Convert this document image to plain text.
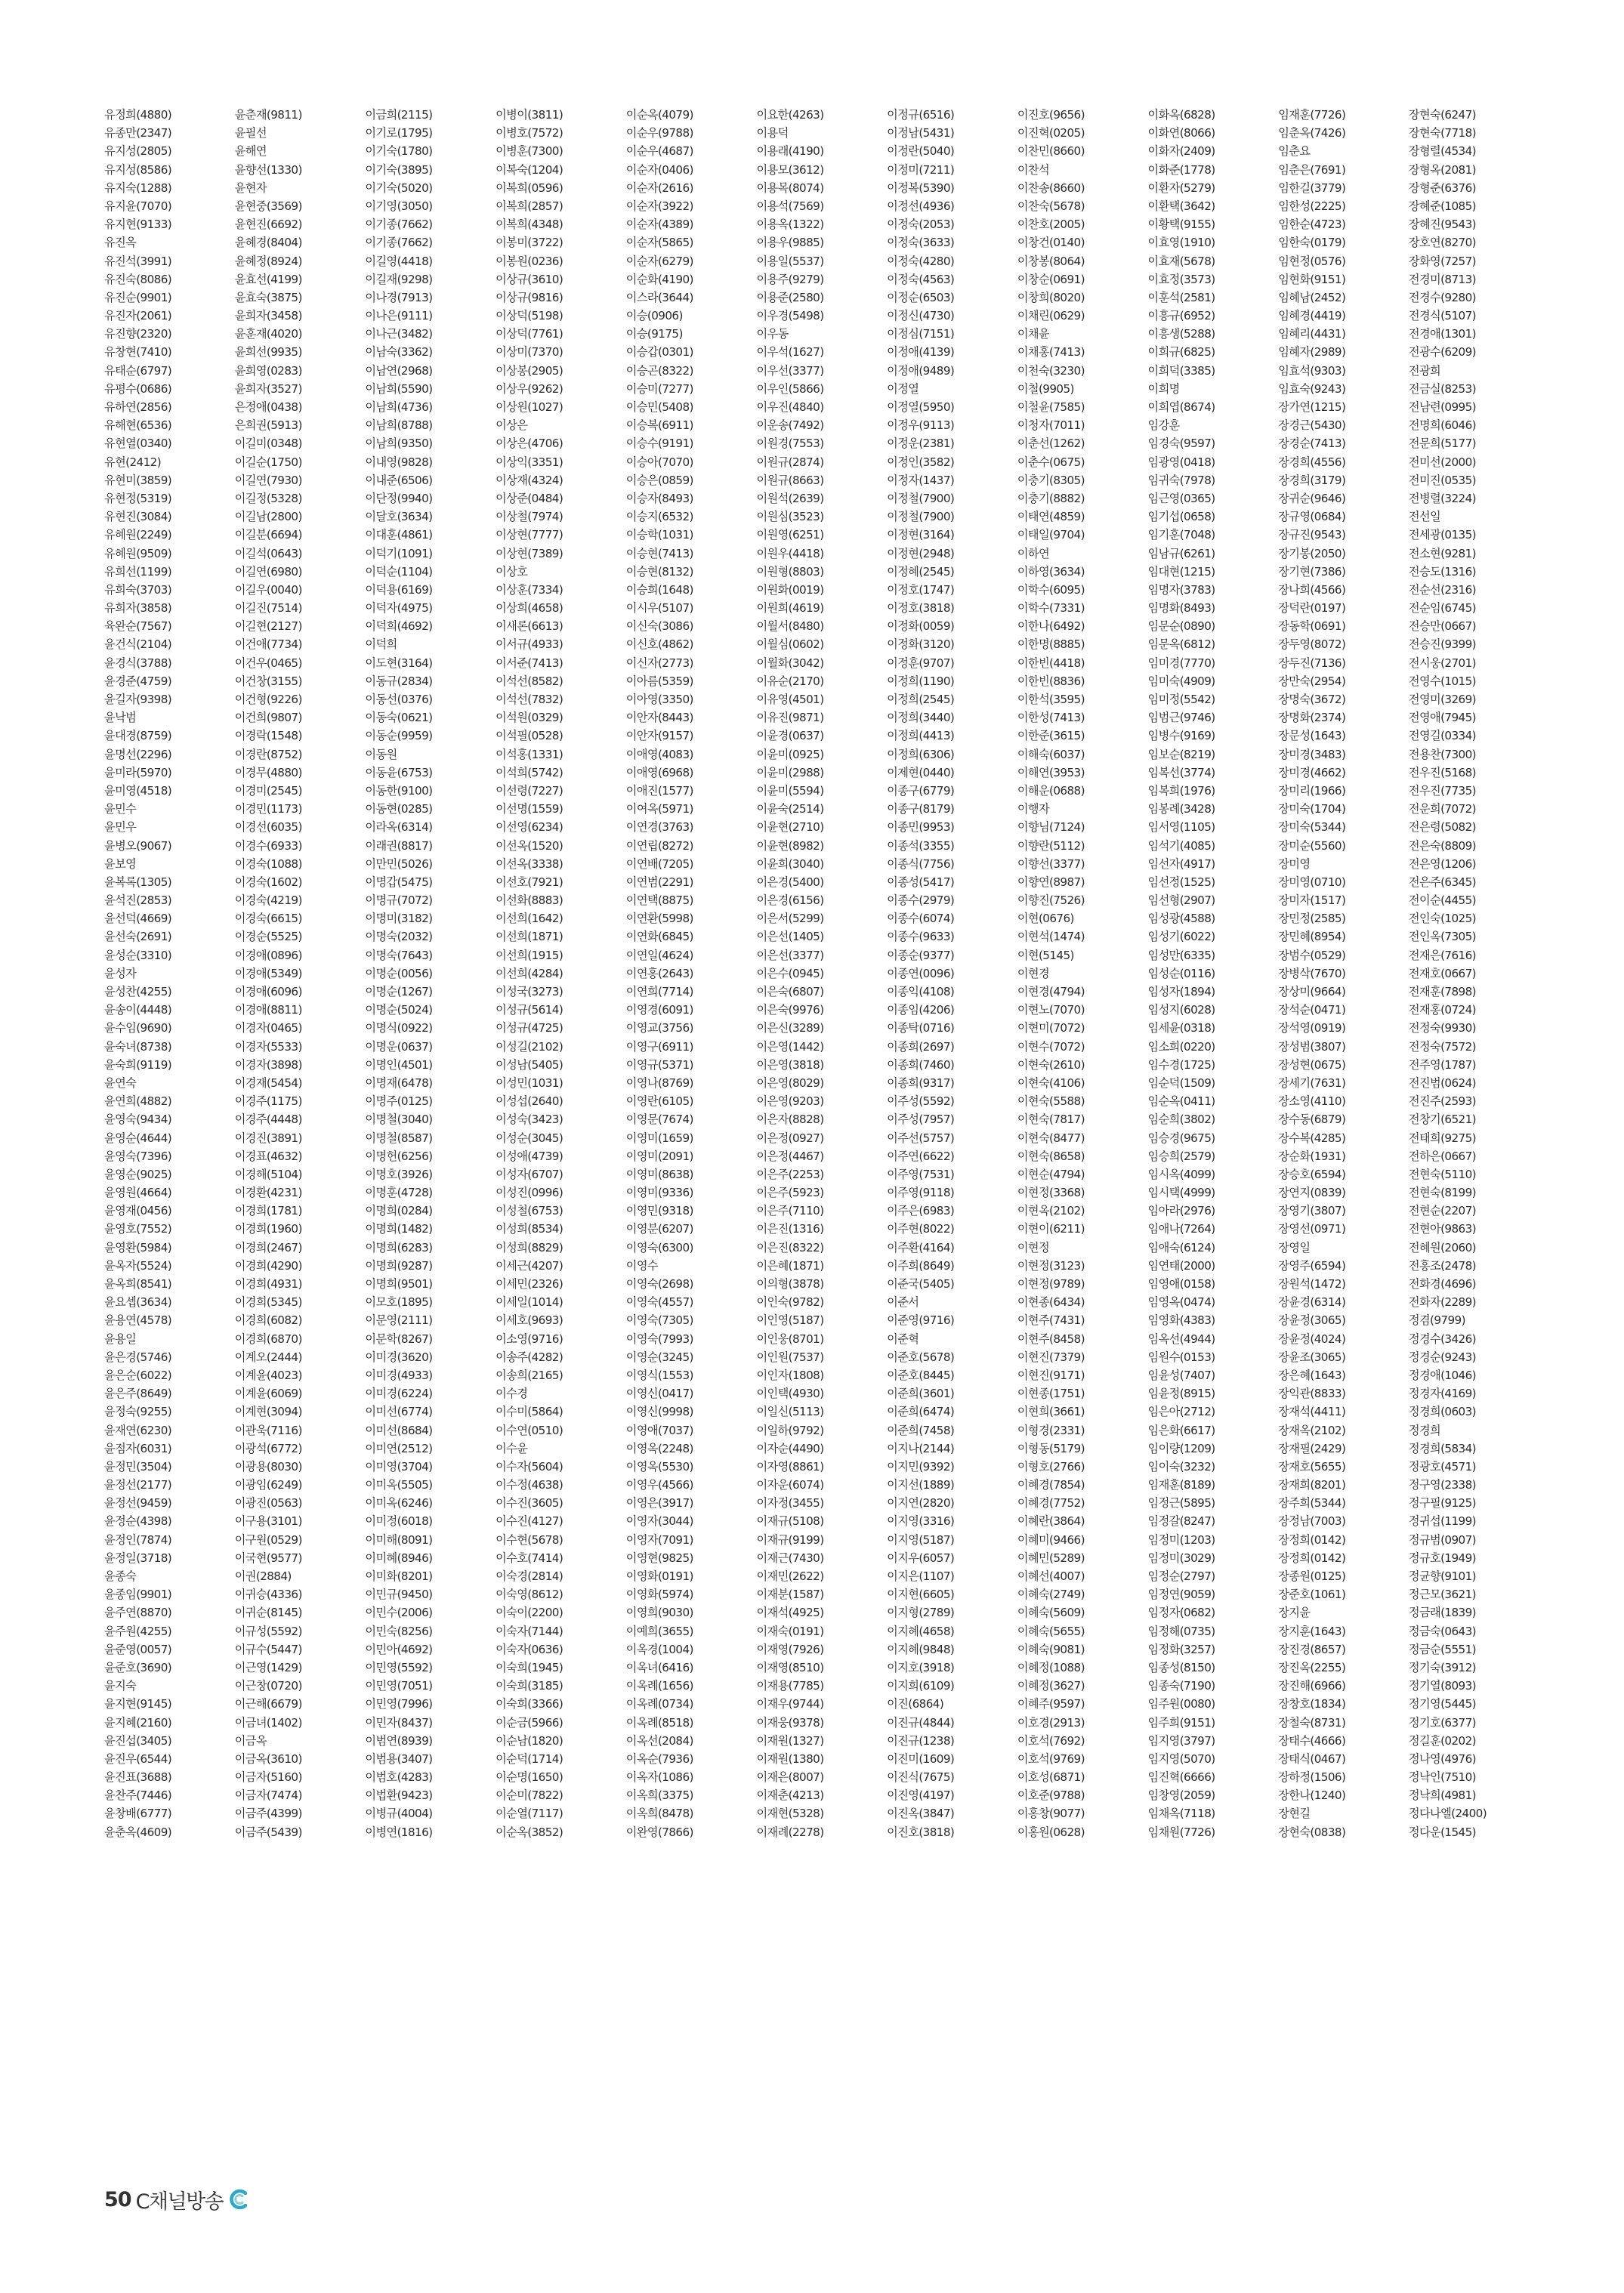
유정희(4880)	윤춘재(9811)	이금희(2115)	이병이(3811)	이순옥(4079)	이요한(4263)	이정규(6516)	이진호(9656)	이화옥(6828)	임재훈(7726)	장현숙(6247)
유종만(2347)	윤필선	이기로(1795)	이병호(7572)	이순우(9788)	이용덕	이정남(5431)	이진혁(0205)	이화연(8066)	임춘옥(7426)	장현숙(7718)
유지성(2805)	윤해연	이기숙(1780)	이병훈(7300)	이순우(4687)	이용래(4190)	이정란(5040)	이찬민(8660)	이화자(2409)	임춘요	장형렬(4534)
유지성(8586)	윤향선(1330)	이기숙(3895)	이복숙(1204)	이순자(0406)	이용모(3612)	이정미(7211)	이찬석	이화준(1778)	임춘은(7691)	장형옥(2081)
유지숙(1288)	윤현자	이기숙(5020)	이복희(0596)	이순자(2616)	이용목(8074)	이정복(5390)	이찬송(8660)	이환자(5279)	임한길(3779)	장형준(6376)
유지윤(7070)	윤현중(3569)	이기영(3050)	이복희(2857)	이순자(3922)	이용석(7569)	이정선(4936)	이찬숙(5678)	이환택(3642)	임한성(2225)	장혜준(1085)
유지현(9133)	윤현진(6692)	이기종(7662)	이복희(4348)	이순자(4389)	이용옥(1322)	이정숙(2053)	이찬호(2005)	이황택(9155)	임한순(4723)	장혜진(9543)
유진옥	윤혜경(8404)	이기종(7662)	이봉미(3722)	이순자(5865)	이용우(9885)	이정숙(3633)	이창건(0140)	이효영(1910)	임한숙(0179)	장호연(8270)
유진석(3991)	윤혜정(8924)	이길영(4418)	이봉원(0236)	이순자(6279)	이용일(5537)	이정숙(4280)	이창봉(8064)	이효재(5678)	임현정(0576)	장화영(7257)
유진숙(8086)	윤효선(4199)	이길재(9298)	이상규(3610)	이순화(4190)	이용주(9279)	이정숙(4563)	이창순(0691)	이효정(3573)	임현화(9151)	전경미(8713)
유진순(9901)	윤효숙(3875)	이나경(7913)	이상규(9816)	이스라(3644)	이용준(2580)	이정순(6503)	이창희(8020)	이훈석(2581)	임혜남(2452)	전경수(9280)
유진자(2061)	윤희자(3458)	이나은(9111)	이상덕(5198)	이승(0906)	이우경(5498)	이정신(4730)	이채린(0629)	이흥규(6952)	임혜경(4419)	전경식(5107)
유진향(2320)	윤훈재(4020)	이나근(3482)	이상덕(7761)	이승(9175)	이우동	이정심(7151)	이채윤	이흥생(5288)	임혜리(4431)	전경애(1301)
유창현(7410)	윤희선(9935)	이남숙(3362)	이상미(7370)	이승갑(0301)	이우석(1627)	이정애(4139)	이채홍(7413)	이희규(6825)	임혜자(2989)	전광수(6209)
유태순(6797)	윤희영(0283)	이남연(2968)	이상봉(2905)	이승곤(8322)	이우선(3377)	이정애(9489)	이천숙(3230)	이희덕(3385)	임효석(9303)	전광희
유평수(0686)	윤희자(3527)	이남희(5590)	이상우(9262)	이승미(7277)	이우인(5866)	이정열	이철(9905)	이희명	임효숙(9243)	전금실(8253)
유하연(2856)	은정애(0438)	이남희(4736)	이상원(1027)	이승민(5408)	이우진(4840)	이정열(5950)	이철윤(7585)	이희엽(8674)	장가연(1215)	전남련(0995)
유해현(6536)	은희권(5913)	이남희(8788)	이상은	이승복(6911)	이운송(7492)	이정우(9113)	이청자(7011)	임강훈	장경근(5430)	전명희(6046)
유현열(0340)	이길미(0348)	이남희(9350)	이상은(4706)	이승수(9191)	이원경(7553)	이정운(2381)	이춘선(1262)	임경숙(9597)	장경순(7413)	전문희(5177)
유현(2412)	이길순(1750)	이내영(9828)	이상익(3351)	이승아(7070)	이원규(2874)	이정인(3582)	이춘수(0675)	임광영(0418)	장경희(4556)	전미선(2000)
유현미(3859)	이길연(7930)	이내준(6506)	이상재(4324)	이승은(0859)	이원규(8663)	이정자(1437)	이충기(8305)	임귀숙(7978)	장경희(3179)	전미진(0535)
유현정(5319)	이길정(5328)	이단정(9940)	이상준(0484)	이승자(8493)	이원석(2639)	이정철(7900)	이충기(8882)	임근영(0365)	장귀순(9646)	전병렬(3224)
유현진(3084)	이길남(2800)	이달호(3634)	이상철(7974)	이승지(6532)	이원심(3523)	이정철(7900)	이태연(4859)	임기섭(0658)	장규영(0684)	전선일
유혜원(2249)	이길분(6694)	이대훈(4861)	이상현(7777)	이승학(1031)	이원영(6251)	이정현(3164)	이태일(9704)	임기훈(7048)	장규진(9543)	전세광(0135)
유혜원(9509)	이길석(0643)	이덕기(1091)	이상현(7389)	이승현(7413)	이원우(4418)	이정현(2948)	이하연	임남규(6261)	장기봉(2050)	전소현(9281)
유희선(1199)	이길연(6980)	이덕순(1104)	이상호	이승현(8132)	이원형(8803)	이정혜(2545)	이하영(3634)	임대현(1215)	장기현(7386)	전승도(1316)
유희숙(3703)	이길우(0040)	이덕용(6169)	이상훈(7334)	이승희(1648)	이원화(0019)	이정호(1747)	이학수(6095)	임명자(3783)	장나희(4566)	전순선(2316)
유희자(3858)	이길진(7514)	이덕자(4975)	이상희(4658)	이시우(5107)	이원희(4619)	이정호(3818)	이학수(7331)	임명화(8493)	장덕란(0197)	전순임(6745)
육완순(7567)	이길현(2127)	이덕희(4692)	이새론(6613)	이신숙(3086)	이월서(8480)	이정화(0059)	이한나(6492)	임문순(0890)	장동학(0691)	전승만(0667)
윤건식(2104)	이건애(7734)	이덕희	이서규(4933)	이신호(4862)	이월심(0602)	이정화(3120)	이한명(8885)	임문옥(6812)	장두영(8072)	전승진(9399)
윤경식(3788)	이건우(0465)	이도현(3164)	이서준(7413)	이신자(2773)	이월화(3042)	이정훈(9707)	이한빈(4418)	임미경(7770)	장두진(7136)	전시웅(2701)
윤경준(4759)	이건창(3155)	이동규(2834)	이석선(8582)	이아름(5359)	이유순(2170)	이정희(1190)	이한빈(8836)	임미숙(4909)	장만숙(2954)	전영수(1015)
윤길자(9398)	이건형(9226)	이동선(0376)	이석선(7832)	이아영(3350)	이유영(4501)	이정희(2545)	이한석(3595)	임미정(5542)	장명숙(3672)	전영미(3269)
윤낙범	이건희(9807)	이동숙(0621)	이석원(0329)	이안자(8443)	이유진(9871)	이정희(3440)	이한성(7413)	임범근(9746)	장명화(2374)	전영애(7945)
윤대경(8759)	이경락(1548)	이동순(9959)	이석필(0528)	이안자(9157)	이윤경(0637)	이정희(4413)	이한준(3615)	임병수(9169)	장문성(1643)	전영길(0334)
윤명선(2296)	이경란(8752)	이동원	이석홍(1331)	이애영(4083)	이윤미(0925)	이정희(6306)	이해숙(6037)	임보순(8219)	장미경(3483)	전용찬(7300)
윤미라(5970)	이경무(4880)	이동윤(6753)	이석희(5742)	이애영(6968)	이윤미(2988)	이제현(0440)	이해연(3953)	임복선(3774)	장미경(4662)	전우진(5168)
윤미영(4518)	이경미(2545)	이동한(9100)	이선령(7227)	이애진(1577)	이윤미(5594)	이종구(6779)	이해운(0688)	임복희(1976)	장미리(1966)	전우진(7735)
윤민수	이경민(1173)	이동현(0285)	이선명(1559)	이여옥(5971)	이윤숙(2514)	이종구(8179)	이행자	임봉례(3428)	장미숙(1704)	전운희(7072)
윤민우	이경선(6035)	이라옥(6314)	이선영(6234)	이연경(3763)	이윤현(2710)	이종민(9953)	이향님(7124)	임서영(1105)	장미숙(5344)	전은령(5082)
윤병오(9067)	이경수(6933)	이래권(8817)	이선옥(1520)	이연립(8272)	이윤현(8982)	이종석(3355)	이향란(5112)	임석기(4085)	장미순(5560)	전은숙(8809)
윤보영	이경숙(1088)	이만민(5026)	이선옥(3338)	이연배(7205)	이윤희(3040)	이종식(7756)	이향선(3377)	임선자(4917)	장미영	전은영(1206)
윤복록(1305)	이경숙(1602)	이명갑(5475)	이선호(7921)	이연범(2291)	이은경(5400)	이종성(5417)	이향연(8987)	임선정(1525)	장미영(0710)	전은주(6345)
윤석진(2853)	이경숙(4219)	이명규(7072)	이선화(8883)	이연택(8875)	이은경(6156)	이종수(2979)	이향진(7526)	임선형(2907)	장미자(1517)	전이순(4455)
윤선덕(4669)	이경숙(6615)	이명미(3182)	이선희(1642)	이연환(5998)	이은서(5299)	이종수(6074)	이현(0676)	임성광(4588)	장민정(2585)	전인숙(1025)
윤선숙(2691)	이경순(5525)	이명숙(2032)	이선희(1871)	이연화(6845)	이은선(1405)	이종수(9633)	이현석(1474)	임성기(6022)	장민혜(8954)	전인옥(7305)
윤성순(3310)	이경애(0896)	이명숙(7643)	이선희(1915)	이연일(4624)	이은선(3377)	이종순(9377)	이현(5145)	임성만(6335)	장범수(0529)	전재은(7616)
윤성자	이경애(5349)	이명순(0056)	이선희(4284)	이연홍(2643)	이은수(0945)	이종연(0096)	이현경	임성순(0116)	장병삭(7670)	전재호(0667)
윤성찬(4255)	이경애(6096)	이명순(1267)	이성국(3273)	이연희(7714)	이은숙(6807)	이종익(4108)	이현경(4794)	임성자(1894)	장상미(9664)	전재훈(7898)
윤송이(4448)	이경애(8811)	이명순(5024)	이성규(5614)	이영경(6091)	이은숙(9976)	이종임(4206)	이현노(7070)	임성지(6028)	장석순(0471)	전재홍(0724)
윤수임(9690)	이경자(0465)	이명식(0922)	이성규(4725)	이영교(3756)	이은신(3289)	이종탁(0716)	이현미(7072)	임세윤(0318)	장석영(0919)	전정숙(9930)
윤숙녀(8738)	이경자(5533)	이명운(0637)	이성길(2102)	이영구(6911)	이은영(1442)	이종희(2697)	이현수(7072)	임소희(0220)	장성범(3807)	전정숙(7572)
윤숙희(9119)	이경자(3898)	이명인(4501)	이성남(5405)	이영규(5371)	이은영(3818)	이종희(7460)	이현숙(2610)	임수경(1725)	장성현(0675)	전주영(1787)
윤연숙	이경재(5454)	이명재(6478)	이성민(1031)	이영나(8769)	이은영(8029)	이종희(9317)	이현숙(4106)	임순덕(1509)	장세기(7631)	전진범(0624)
윤연희(4882)	이경주(1175)	이명주(0125)	이성섭(2640)	이영란(6105)	이은영(9203)	이주성(5592)	이현숙(5588)	임순옥(0411)	장소영(4110)	전진주(2593)
윤영숙(9434)	이경주(4448)	이명철(3040)	이성숙(3423)	이영문(7674)	이은자(8828)	이주성(7957)	이현숙(7817)	임순희(3802)	장수동(6879)	전창기(6521)
윤영순(4644)	이경진(3891)	이명철(8587)	이성순(3045)	이영미(1659)	이은정(0927)	이주선(5757)	이현숙(8477)	임승경(9675)	장수복(4285)	전태희(9275)
윤영숙(7396)	이경표(4632)	이명헌(6256)	이성애(4739)	이영미(2091)	이은정(4467)	이주연(6622)	이현숙(8658)	임승희(2579)	장순화(1931)	전하은(0667)
윤영순(9025)	이경해(5104)	이명호(3926)	이성자(6707)	이영미(8638)	이은주(2253)	이주영(7531)	이현순(4794)	임시옥(4099)	장승호(6594)	전현숙(5110)
윤영원(4664)	이경환(4231)	이명훈(4728)	이성진(0996)	이영미(9336)	이은주(5923)	이주영(9118)	이현정(3368)	임시택(4999)	장연지(0839)	전현숙(8199)
윤영재(0456)	이경희(1781)	이명희(0284)	이성철(6753)	이영민(9318)	이은주(7110)	이주은(6983)	이현옥(2102)	임아라(2976)	장영기(3807)	전현순(2207)
윤영호(7552)	이경희(1960)	이명희(1482)	이성희(8534)	이영분(6207)	이은진(1316)	이주현(8022)	이현이(6211)	임애나(7264)	장영선(0971)	전현아(9863)
윤영환(5984)	이경희(2467)	이명희(6283)	이성희(8829)	이영숙(6300)	이은진(8322)	이주환(4164)	이현정	임애숙(6124)	장영일	전혜원(2060)
윤옥자(5524)	이경희(4290)	이명희(9287)	이세근(4207)	이영수	이은혜(1871)	이주희(8649)	이현정(3123)	임연태(2000)	장영주(6594)	전홍조(2478)
윤옥희(8541)	이경희(4931)	이명희(9501)	이세민(2326)	이영숙(2698)	이의형(3878)	이준국(5405)	이현정(9789)	임영애(0158)	장원석(1472)	전화경(4696)
윤요셉(3634)	이경희(5345)	이모호(1895)	이세일(1014)	이영숙(4557)	이인숙(9782)	이준서	이현종(6434)	임영옥(0474)	장윤경(6314)	전화자(2289)
윤용연(4578)	이경희(6082)	이문영(2111)	이세호(9693)	이영숙(7305)	이인영(5187)	이준영(9716)	이현주(7431)	임영화(4383)	장윤정(3065)	정겸(9799)
윤용일	이경희(6870)	이문학(8267)	이소영(9716)	이영숙(7993)	이인웅(8701)	이준혁	이현주(8458)	임옥선(4944)	장윤정(4024)	정경수(3426)
윤은경(5746)	이계오(2444)	이미경(3620)	이송주(4282)	이영순(3245)	이인원(7537)	이준호(5678)	이현진(7379)	임원수(0153)	장윤조(3065)	정경순(9243)
윤은순(6022)	이계윤(4023)	이미경(4933)	이송희(2165)	이영식(1553)	이인자(1808)	이준호(8445)	이현진(9171)	임윤성(7407)	장은혜(1643)	정경애(1046)
윤은주(8649)	이계윤(6069)	이미경(6224)	이수경	이영신(0417)	이인택(4930)	이준희(3601)	이현종(1751)	임윤정(8915)	장익관(8833)	정경자(4169)
윤정숙(9255)	이계현(3094)	이미선(6774)	이수미(5864)	이영신(9998)	이일신(5113)	이준희(6474)	이현희(3661)	임은아(2712)	장재석(4411)	정경희(0603)
윤재연(6230)	이관욱(7116)	이미선(8684)	이수연(0510)	이영애(7037)	이일하(9792)	이준희(7458)	이형경(2331)	임은화(6617)	장재옥(2102)	정경희
윤점자(6031)	이광석(6772)	이미연(2512)	이수윤	이영옥(2248)	이자순(4490)	이지나(2144)	이형동(5179)	임이량(1209)	장재필(2429)	정경희(5834)
윤정민(3504)	이광용(8030)	이미영(3704)	이수자(5604)	이영옥(5530)	이자영(8861)	이지민(9392)	이형호(2766)	임이숙(3232)	장재호(5655)	정광호(4571)
윤정선(2177)	이광임(6249)	이미옥(5505)	이수정(4638)	이영우(4566)	이자운(6074)	이지선(1889)	이혜경(7854)	임재훈(8189)	장재희(8201)	정구영(2338)
윤정선(9459)	이광진(0563)	이미옥(6246)	이수진(3605)	이영은(3917)	이자정(3455)	이지연(2820)	이혜경(7752)	임정근(5895)	장주희(5344)	정구필(9125)
윤정순(4398)	이구용(3101)	이미정(6018)	이수진(4127)	이영자(3044)	이재규(5108)	이지영(3316)	이혜란(3864)	임정갈(8247)	장정남(7003)	정귀섭(1199)
윤정인(7874)	이구원(0529)	이미해(8091)	이수현(5678)	이영자(7091)	이재규(9199)	이지영(5187)	이혜미(9466)	임정미(1203)	장정희(0142)	정규범(0907)
윤정일(3718)	이국현(9577)	이미혜(8946)	이수호(7414)	이영현(9825)	이재근(7430)	이지우(6057)	이혜민(5289)	임정미(3029)	장정희(0142)	정규호(1949)
윤종숙	이권(2884)	이미화(8201)	이숙경(2814)	이영화(0191)	이재민(2622)	이지은(1107)	이혜선(4007)	임정순(2797)	장종원(0125)	정균향(9101)
윤종임(9901)	이귀승(4336)	이민규(9450)	이숙영(8612)	이영화(5974)	이재분(1587)	이지현(6605)	이혜숙(2749)	임정연(9059)	장준호(1061)	정근모(3621)
윤주연(8870)	이귀순(8145)	이민수(2006)	이숙이(2200)	이영희(9030)	이재석(4925)	이지형(2789)	이혜숙(5609)	임정자(0682)	장지윤	정금래(1839)
윤주원(4255)	이규성(5592)	이민숙(8256)	이숙자(7144)	이예희(3655)	이재숙(0191)	이지혜(4658)	이혜숙(5655)	임정해(0735)	장지훈(1643)	정금숙(0643)
윤준영(0057)	이규수(5447)	이민아(4692)	이숙자(0636)	이옥경(1004)	이재영(7926)	이지혜(9848)	이혜숙(9081)	임정화(3257)	장진경(8657)	정금순(5551)
윤준호(3690)	이근영(1429)	이민영(5592)	이숙희(1945)	이옥녀(6416)	이재영(8510)	이지호(3918)	이혜정(1088)	임종성(8150)	장진옥(2255)	정기숙(3912)
윤지숙	이근창(0720)	이민영(7051)	이숙희(3185)	이옥례(1656)	이재용(7785)	이지희(6109)	이혜정(3627)	임종숙(7190)	장진해(6966)	정기열(8093)
윤지현(9145)	이근해(6679)	이민영(7996)	이숙희(3366)	이옥례(0734)	이재우(9744)	이진(6864)	이혜주(9597)	임주원(0080)	장창호(1834)	정기영(5445)
윤지혜(2160)	이금녀(1402)	이민자(8437)	이순금(5966)	이옥례(8518)	이재웅(9378)	이진규(4844)	이호경(2913)	임주희(9151)	장철숙(8731)	정기호(6377)
윤진섭(3405)	이금옥	이범연(8939)	이순남(1820)	이옥선(2084)	이재원(1327)	이진규(1238)	이호석(7692)	임지영(3797)	장태수(4666)	정길훈(0202)
윤진우(6544)	이금옥(3610)	이범용(3407)	이순덕(1714)	이옥순(7936)	이재원(1380)	이진미(1609)	이호석(9769)	임지영(5070)	장태식(0467)	정나영(4976)
윤진표(3688)	이금자(5160)	이범호(4283)	이순명(1650)	이옥자(1086)	이재은(8007)	이진식(7675)	이호성(6871)	임진혁(6666)	장하정(1506)	정낙인(7510)
윤찬주(7446)	이금자(7474)	이법환(9423)	이순미(7822)	이옥희(3375)	이재춘(4213)	이진영(4197)	이호준(9788)	임창영(2059)	장한나(1240)	정낙희(4981)
윤창배(6777)	이금주(4399)	이병규(4004)	이순열(7117)	이옥희(8478)	이재현(5328)	이진옥(3847)	이홍창(9077)	임채옥(7118)	장현길	정다나엘(2400)
윤춘옥(4609)	이금주(5439)	이병연(1816)	이순옥(3852)	이완영(7866)	이재례(2278)	이진호(3818)	이홍원(0628)	임채원(7726)	장현숙(0838)	정다운(1545)
50 C채널방송
